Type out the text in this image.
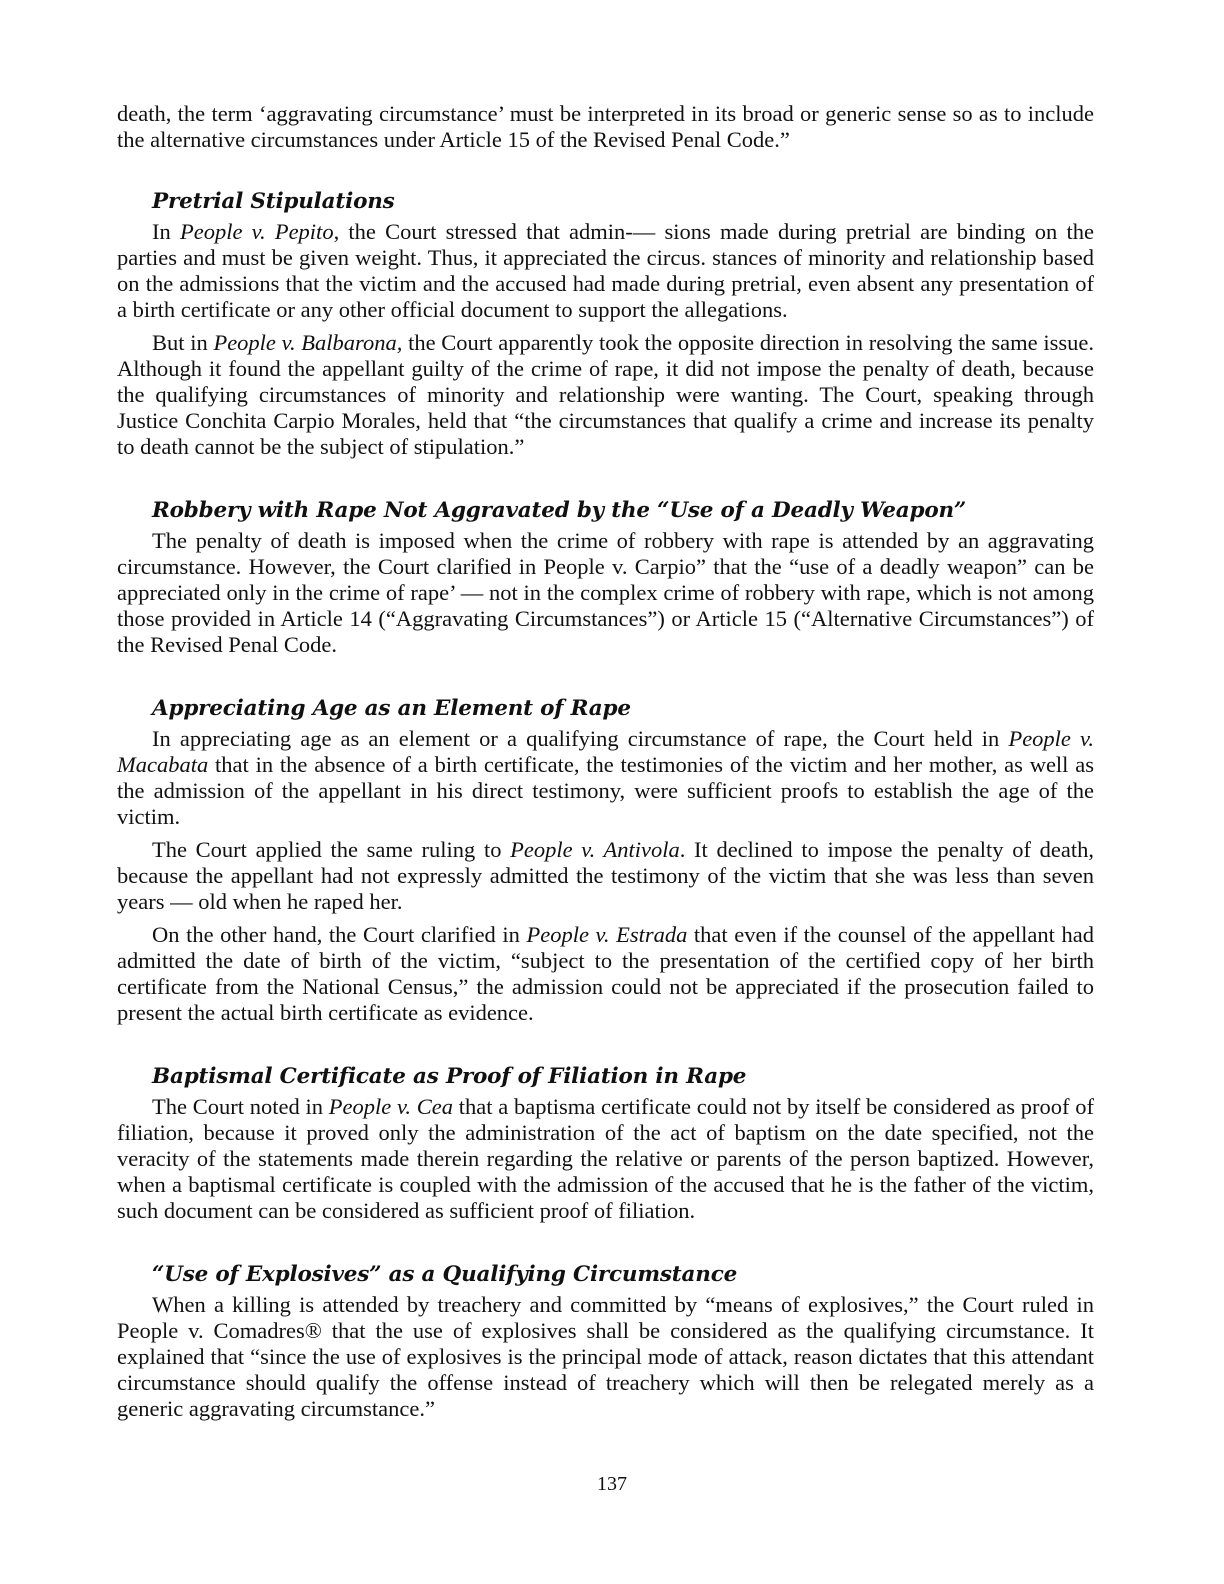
death, the term ‘aggravating circumstance’ must be interpreted in its broad or generic sense so as to include the alternative circumstances under Article 15 of the Revised Penal Code.”

Pretrial Stipulations

In People v. Pepito, the Court stressed that admin-— sions made during pretrial are binding on the parties and must be given weight. Thus, it appreciated the circus. stances of minority and relationship based on the admissions that the victim and the accused had made during pretrial, even absent any presentation of a birth certificate or any other official document to support the allegations.

But in People v. Balbarona, the Court apparently took the opposite direction in resolving the same issue. Although it found the appellant guilty of the crime of rape, it did not impose the penalty of death, because the qualifying circumstances of minority and relationship were wanting. The Court, speaking through Justice Conchita Carpio Morales, held that “the circumstances that qualify a crime and increase its penalty to death cannot be the subject of stipulation.”

Robbery with Rape Not Aggravated by the “Use of a Deadly Weapon”

The penalty of death is imposed when the crime of robbery with rape is attended by an aggravating circumstance. However, the Court clarified in People v. Carpio” that the “use of a deadly weapon” can be appreciated only in the crime of rape’ — not in the complex crime of robbery with rape, which is not among those provided in Article 14 (“Aggravating Circumstances”) or Article 15 (“Alternative Circumstances”) of the Revised Penal Code.

Appreciating Age as an Element of Rape

In appreciating age as an element or a qualifying circumstance of rape, the Court held in People v. Macabata that in the absence of a birth certificate, the testimonies of the victim and her mother, as well as the admission of the appellant in his direct testimony, were sufficient proofs to establish the age of the victim.

The Court applied the same ruling to People v. Antivola. It declined to impose the penalty of death, because the appellant had not expressly admitted the testimony of the victim that she was less than seven years — old when he raped her.

On the other hand, the Court clarified in People v. Estrada that even if the counsel of the appellant had admitted the date of birth of the victim, “subject to the presentation of the certified copy of her birth certificate from the National Census,” the admission could not be appreciated if the prosecution failed to present the actual birth certificate as evidence.

Baptismal Certificate as Proof of Filiation in Rape

The Court noted in People v. Cea that a baptisma certificate could not by itself be considered as proof of filiation, because it proved only the administration of the act of baptism on the date specified, not the veracity of the statements made therein regarding the relative or parents of the person baptized. However, when a baptismal certificate is coupled with the admission of the accused that he is the father of the victim, such document can be considered as sufficient proof of filiation.

“Use of Explosives” as a Qualifying Circumstance

When a killing is attended by treachery and committed by “means of explosives,” the Court ruled in People v. Comadres® that the use of explosives shall be considered as the qualifying circumstance. It explained that “since the use of explosives is the principal mode of attack, reason dictates that this attendant circumstance should qualify the offense instead of treachery which will then be relegated merely as a generic aggravating circumstance.”

137
